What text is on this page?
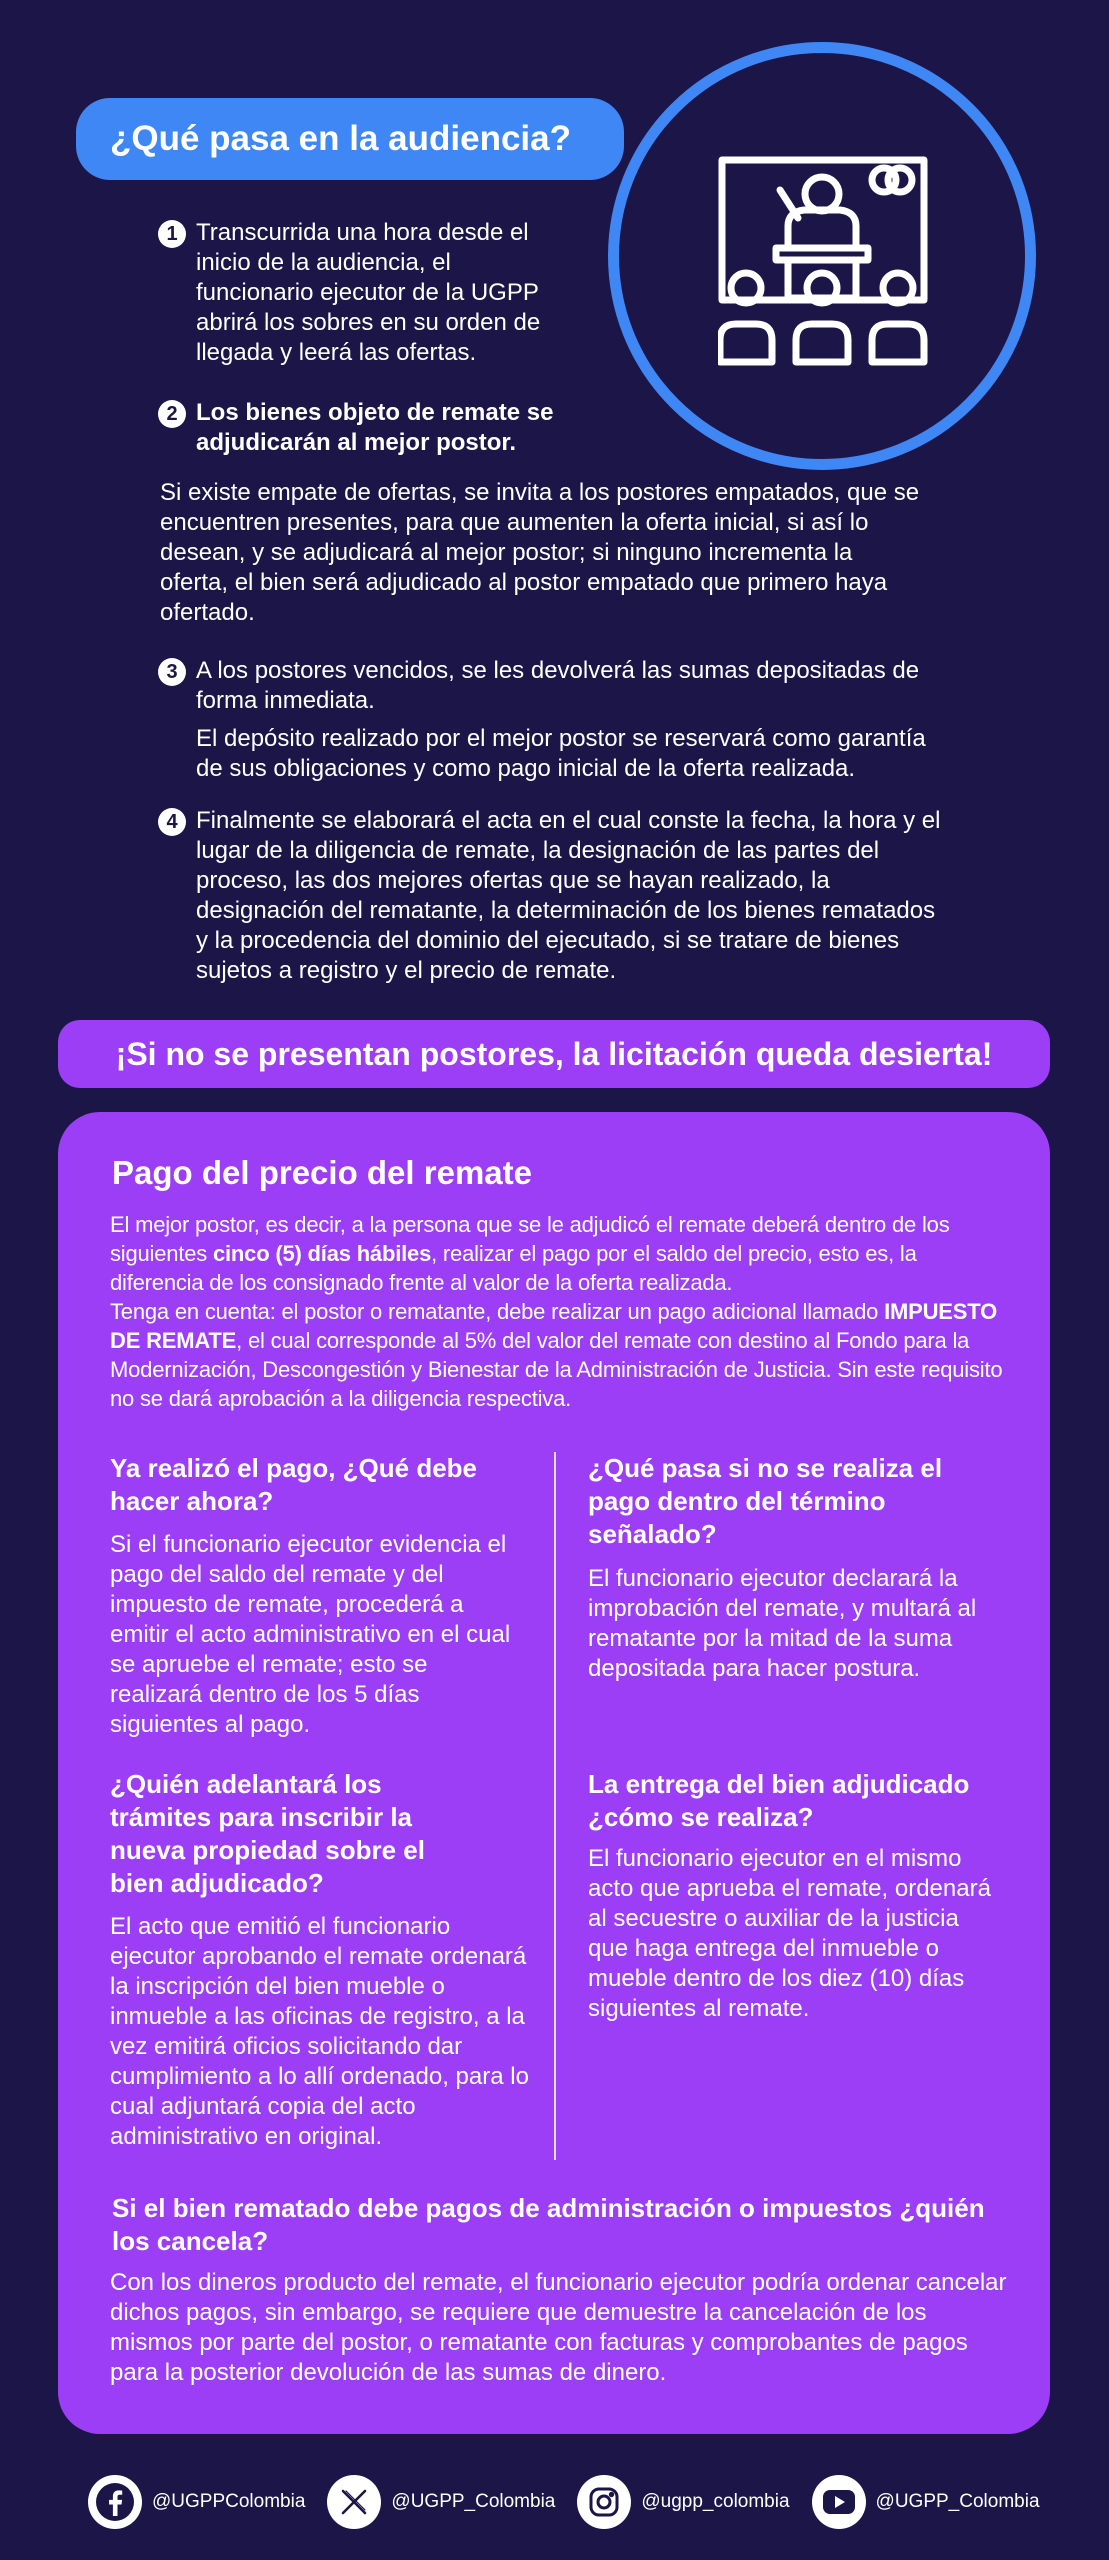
¿Qué pasa en la audiencia?
1 Transcurrida una hora desde el inicio de la audiencia, el funcionario ejecutor de la UGPP abrirá los sobres en su orden de llegada y leerá las ofertas.
2 Los bienes objeto de remate se adjudicarán al mejor postor.
Si existe empate de ofertas, se invita a los postores empatados, que se encuentren presentes, para que aumenten la oferta inicial, si así lo desean, y se adjudicará al mejor postor; si ninguno incrementa la oferta, el bien será adjudicado al postor empatado que primero haya ofertado.
3 A los postores vencidos, se les devolverá las sumas depositadas de forma inmediata.
El depósito realizado por el mejor postor se reservará como garantía de sus obligaciones y como pago inicial de la oferta realizada.
4 Finalmente se elaborará el acta en el cual conste la fecha, la hora y el lugar de la diligencia de remate, la designación de las partes del proceso, las dos mejores ofertas que se hayan realizado, la designación del rematante, la determinación de los bienes rematados y la procedencia del dominio del ejecutado, si se tratare de bienes sujetos a registro y el precio de remate.
¡Si no se presentan postores, la licitación queda desierta!
Pago del precio del remate
El mejor postor, es decir, a la persona que se le adjudicó el remate deberá dentro de los siguientes cinco (5) días hábiles, realizar el pago por el saldo del precio, esto es, la diferencia de los consignado frente al valor de la oferta realizada.
Tenga en cuenta: el postor o rematante, debe realizar un pago adicional llamado IMPUESTO DE REMATE, el cual corresponde al 5% del valor del remate con destino al Fondo para la Modernización, Descongestión y Bienestar de la Administración de Justicia. Sin este requisito no se dará aprobación a la diligencia respectiva.
Ya realizó el pago, ¿Qué debe hacer ahora?
Si el funcionario ejecutor evidencia el pago del saldo del remate y del impuesto de remate, procederá a emitir el acto administrativo en el cual se apruebe el remate; esto se realizará dentro de los 5 días siguientes al pago.
¿Qué pasa si no se realiza el pago dentro del término señalado?
El funcionario ejecutor declarará la improbación del remate, y multará al rematante por la mitad de la suma depositada para hacer postura.
¿Quién adelantará los trámites para inscribir la nueva propiedad sobre el bien adjudicado?
El acto que emitió el funcionario ejecutor aprobando el remate ordenará la inscripción del bien mueble o inmueble a las oficinas de registro, a la vez emitirá oficios solicitando dar cumplimiento a lo allí ordenado, para lo cual adjuntará copia del acto administrativo en original.
La entrega del bien adjudicado ¿cómo se realiza?
El funcionario ejecutor en el mismo acto que aprueba el remate, ordenará al secuestre o auxiliar de la justicia que haga entrega del inmueble o mueble dentro de los diez (10) días siguientes al remate.
Si el bien rematado debe pagos de administración o impuestos ¿quién los cancela?
Con los dineros producto del remate, el funcionario ejecutor podría ordenar cancelar dichos pagos, sin embargo, se requiere que demuestre la cancelación de los mismos por parte del postor, o rematante con facturas y comprobantes de pagos para la posterior devolución de las sumas de dinero.
@UGPPColombia	@UGPP_Colombia	@ugpp_colombia	@UGPP_Colombia
